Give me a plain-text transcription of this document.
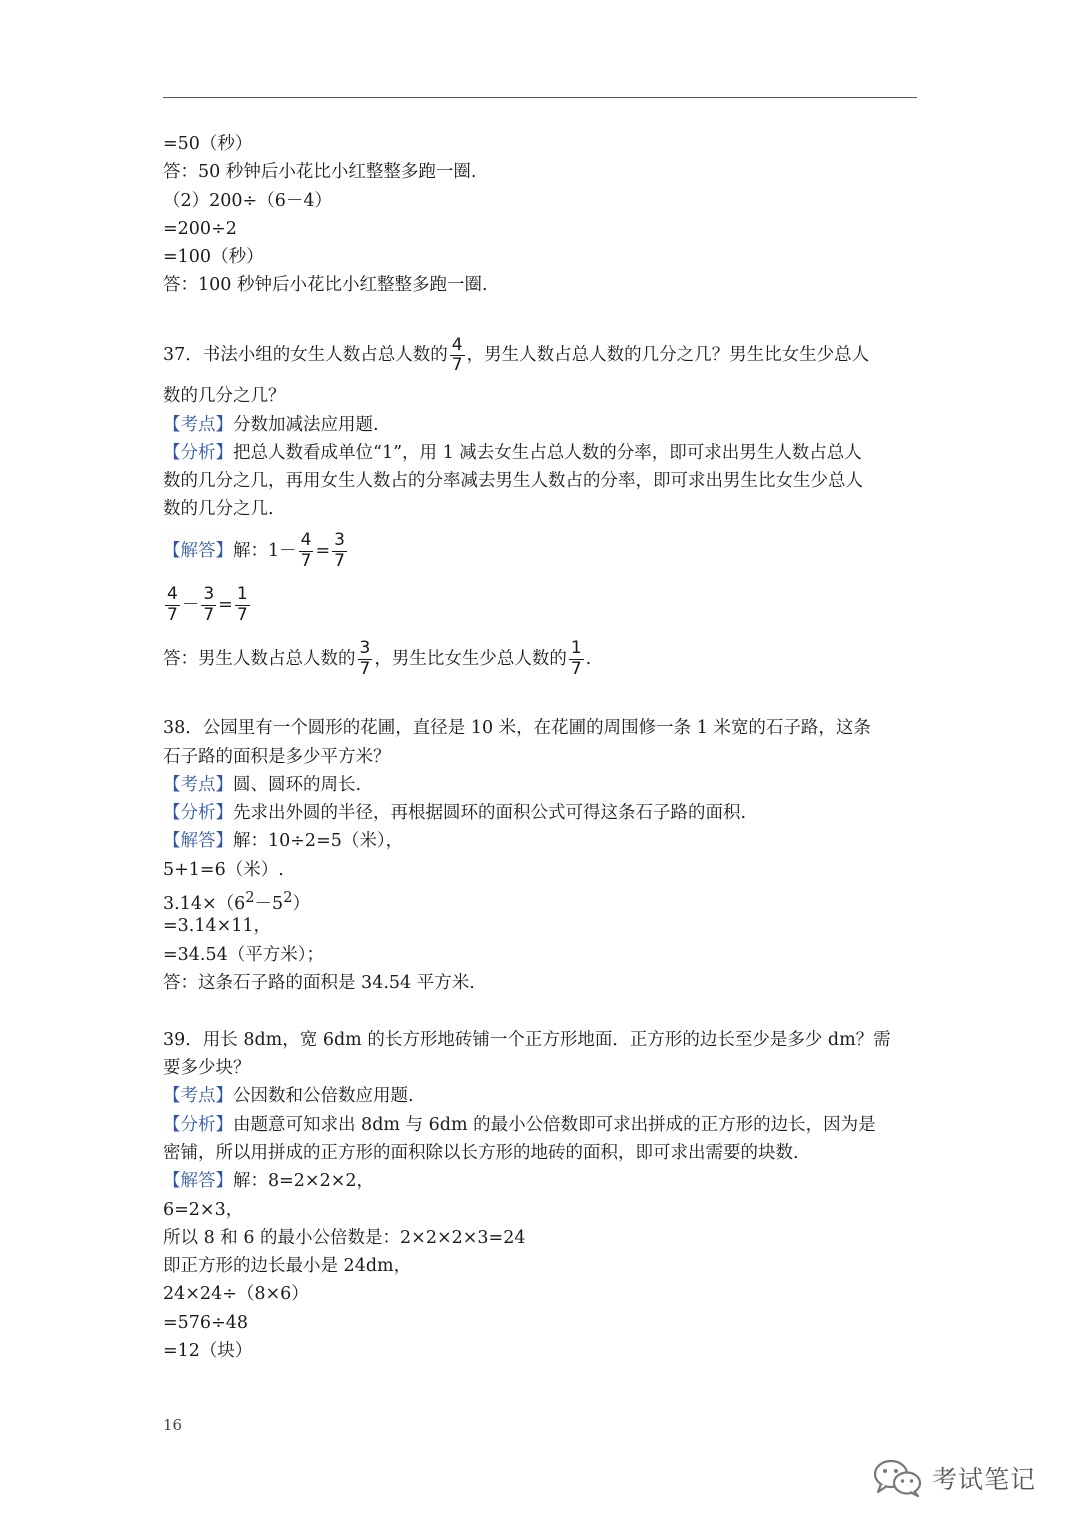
=50（秒）
答：50 秒钟后小花比小红整整多跑一圈.
（2）200÷（6－4）
=200÷2
=100（秒）
答：100 秒钟后小花比小红整整多跑一圈.
37．书法小组的女生人数占总人数的 $\frac{4}{7}$ ，男生人数占总人数的几分之几？男生比女生少总人
数的几分之几？
【考点】分数加减法应用题.
【分析】把总人数看成单位“1”，用 1 减去女生占总人数的分率，即可求出男生人数占总人
数的几分之几，再用女生人数占的分率减去男生人数占的分率，即可求出男生比女生少总人
数的几分之几.
【解答】解：$1- \frac{4}{7} = \frac{3}{7}$
$\frac{4}{7} - \frac{3}{7} = \frac{1}{7}$
答：男生人数占总人数的 $\frac{3}{7}$ ，男生比女生少总人数的 $\frac{1}{7}$ .
38．公园里有一个圆形的花圃，直径是 10 米，在花圃的周围修一条 1 米宽的石子路，这条
石子路的面积是多少平方米？
【考点】圆、圆环的周长.
【分析】先求出外圆的半径，再根据圆环的面积公式可得这条石子路的面积.
【解答】解：10÷2=5（米），
5+1=6（米）.
$3.14\times(6^2-5^2)$
=3.14×11，
=34.54（平方米）；
答：这条石子路的面积是 34.54 平方米.
39．用长 8dm，宽 6dm 的长方形地砖铺一个正方形地面．正方形的边长至少是多少 dm？需
要多少块？
【考点】公因数和公倍数应用题.
【分析】由题意可知求出 8dm 与 6dm 的最小公倍数即可求出拼成的正方形的边长，因为是
密铺，所以用拼成的正方形的面积除以长方形的地砖的面积，即可求出需要的块数.
【解答】解：8=2×2×2，
6=2×3，
所以 8 和 6 的最小公倍数是：2×2×2×3=24
即正方形的边长最小是 24dm，
24×24÷（8×6）
=576÷48
=12（块）
16
考试笔记
